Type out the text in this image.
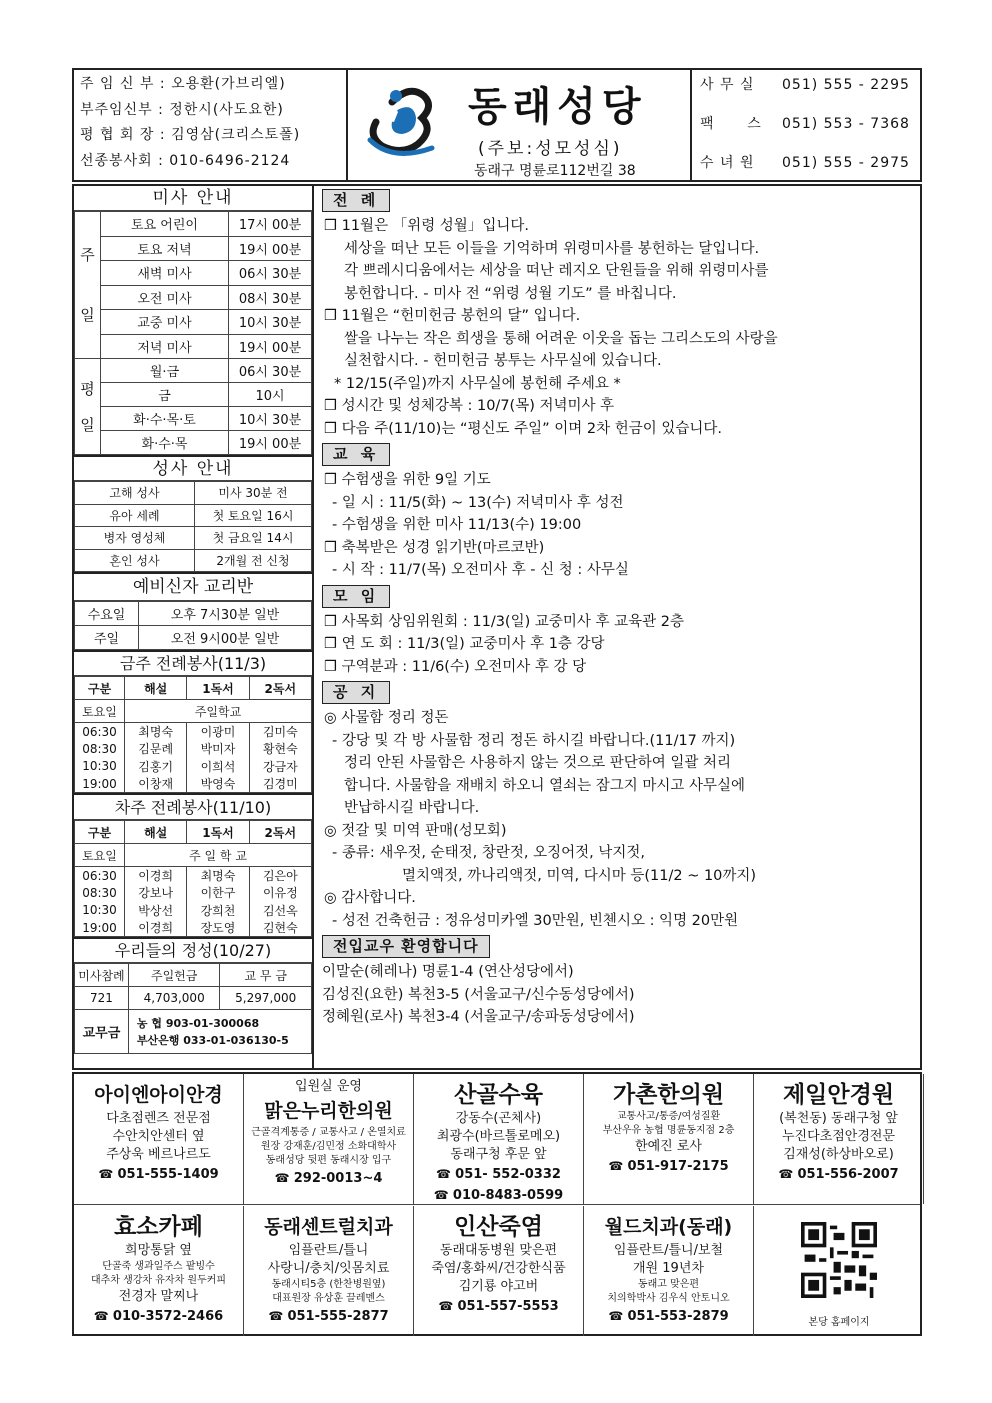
주 임 신 부 : 오용환(가브리엘)
부주임신부 : 정한시(사도요한)
평 협 회 장 : 김영삼(크리스토폴)
선종봉사회 : 010-6496-2124
동래성당
(주보:성모성심)
동래구 명륜로112번길 38
사 무 실 051) 555 - 2295
팩      스 051) 553 - 7368
수 녀 원 051) 555 - 2975
미사 안내
주
일	토요 어린이	17시 00분
	토요 저녁	19시 00분
	새벽 미사	06시 30분
	오전 미사	08시 30분
	교중 미사	10시 30분
	저녁 미사	19시 00분
평
일	월·금	06시 30분
	금	10시
	화·수·목·토	10시 30분
	화·수·목	19시 00분
성사 안내
고해 성사	미사 30분 전
유아 세례	첫 토요일 16시
병자 영성체	첫 금요일 14시
혼인 성사	2개월 전 신청
예비신자 교리반
수요일	오후 7시30분 일반
주일	오전 9시00분 일반
금주 전례봉사(11/3)
구분	해설	1독서	2독서
토요일	주일학교		
06:30	최명숙	이광미	김미숙
08:30	김문례	박미자	황현숙
10:30	김홍기	이희석	강금자
19:00	이창재	박영숙	김경미
차주 전례봉사(11/10)
구분	해설	1독서	2독서
토요일	주 일 학 교		
06:30	이경희	최명숙	김은아
08:30	강보나	이한구	이유정
10:30	박상선	강희천	김선옥
19:00	이경희	장도영	김현숙
우리들의 정성(10/27)
미사참례	주일헌금	교 무 금
721	4,703,000	5,297,000
교무금	농 협 903-01-300068
부산은행 033-01-036130-5	
전 례
❒ 11월은 「위령 성월」입니다.
세상을 떠난 모든 이들을 기억하며 위령미사를 봉헌하는 달입니다.
각 쁘레시디움에서는 세상을 떠난 레지오 단원들을 위해 위령미사를
봉헌합니다. - 미사 전 “위령 성월 기도” 를 바칩니다.
❒ 11월은 “헌미헌금 봉헌의 달” 입니다.
쌀을 나누는 작은 희생을 통해 어려운 이웃을 돕는 그리스도의 사랑을
실천합시다. - 헌미헌금 봉투는 사무실에 있습니다.
* 12/15(주일)까지 사무실에 봉헌해 주세요 *
❒ 성시간 및 성체강복 : 10/7(목) 저녁미사 후
❒ 다음 주(11/10)는 “평신도 주일” 이며 2차 헌금이 있습니다.
교 육
❒ 수험생을 위한 9일 기도
- 일 시 : 11/5(화) ~ 13(수) 저녁미사 후 성전
- 수험생을 위한 미사 11/13(수) 19:00
❒ 축복받은 성경 읽기반(마르코반)
- 시 작 : 11/7(목) 오전미사 후 - 신 청 : 사무실
모 임
❒ 사목회 상임위원회 : 11/3(일) 교중미사 후 교육관 2층
❒ 연 도 회 : 11/3(일) 교중미사 후 1층 강당
❒ 구역분과 : 11/6(수) 오전미사 후 강 당
공 지
◎ 사물함 정리 정돈
- 강당 및 각 방 사물함 정리 정돈 하시길 바랍니다.(11/17 까지)
정리 안된 사물함은 사용하지 않는 것으로 판단하여 일괄 처리
합니다. 사물함을 재배치 하오니 열쇠는 잠그지 마시고 사무실에
반납하시길 바랍니다.
◎ 젓갈 및 미역 판매(성모회)
- 종류: 새우젓, 순태젓, 창란젓, 오징어젓, 낙지젓,
멸치액젓, 까나리액젓, 미역, 다시마 등(11/2 ~ 10까지)
◎ 감사합니다.
- 성전 건축헌금 : 정유성미카엘 30만원, 빈첸시오 : 익명 20만원
전입교우 환영합니다
이말순(헤레나) 명륜1-4 (연산성당에서)
김성진(요한) 복천3-5 (서울교구/신수동성당에서)
정혜원(로사) 복천3-4 (서울교구/송파동성당에서)
아이엔아이안경
다초점렌즈 전문점
수안치안센터 옆
주상욱 베르나르도
☎ 051-555-1409
입원실 운영
맑은누리한의원
근골격계통증 / 교통사고 / 온열치료
원장 강재훈/김민정 소화대학사
동래성당 뒷편 동래시장 입구
☎ 292-0013~4
산골수육
강동수(곤체사)
최광수(바르톨로메오)
동래구청 후문 앞
☎ 051- 552-0332
☎ 010-8483-0599
가촌한의원
교통사고/통증/여성질환
부산우유 농협 명륜동지점 2층
한예진 로사
☎ 051-917-2175
제일안경원
(복천동) 동래구청 앞
누진다초점안경전문
김재성(하상바오로)
☎ 051-556-2007
효소카페
희망통닭 옆
단골죽 생과일주스 팥빙수
대추차 생강차 유자차 원두커피
전경자 말찌나
☎ 010-3572-2466
동래센트럴치과
임플란트/틀니
사랑니/충치/잇몸치료
동래시티5층 (한찬병원옆)
대표원장 유상훈 끌레멘스
☎ 051-555-2877
인산죽염
동래대동병원 맞은편
죽염/홍화씨/건강한식품
김기룡 야고버
☎ 051-557-5553
월드치과(동래)
임플란트/틀니/보철
개원 19년차
동래고 맞은편
치의학박사 김우식 안토니오
☎ 051-553-2879	본당 홈페이지
